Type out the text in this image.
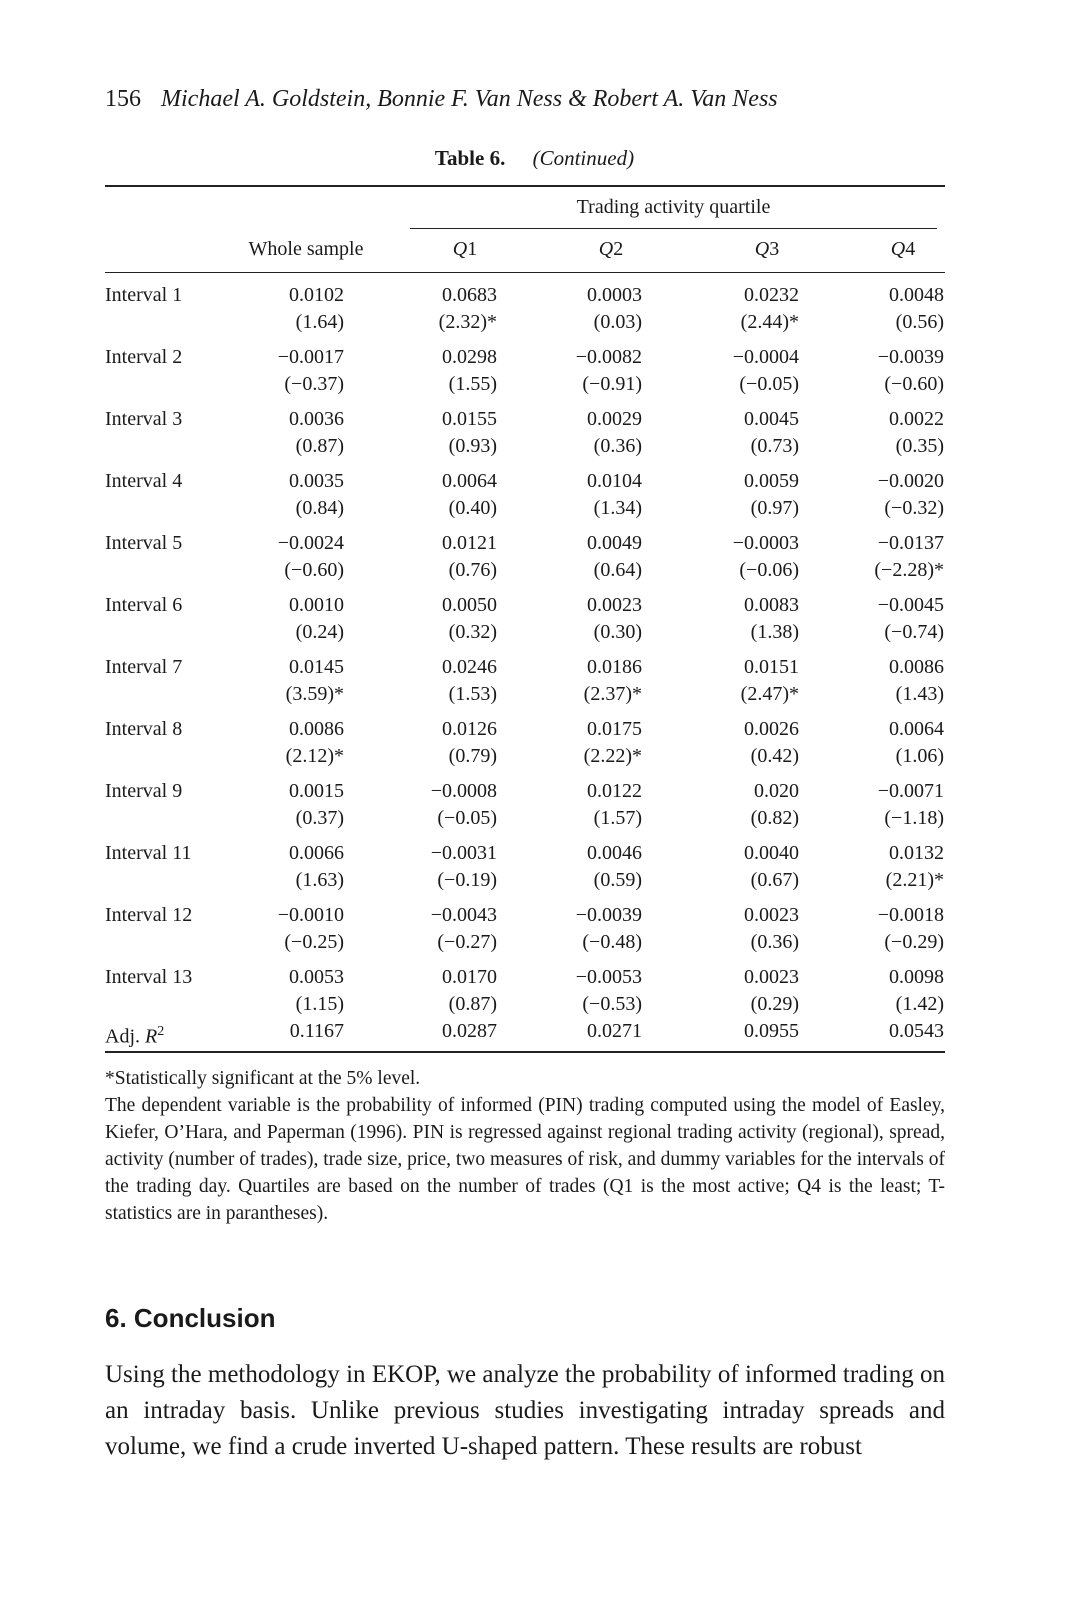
156 Michael A. Goldstein, Bonnie F. Van Ness & Robert A. Van Ness
Table 6. (Continued)
Trading activity quartile
Whole sample	Q1	Q2	Q3	Q4
Interval 1	0.0102	0.0683	0.0003	0.0232	0.0048
(1.64)	(2.32)*	(0.03)	(2.44)*	(0.56)
Interval 2	−0.0017	0.0298	−0.0082	−0.0004	−0.0039
(−0.37)	(1.55)	(−0.91)	(−0.05)	(−0.60)
Interval 3	0.0036	0.0155	0.0029	0.0045	0.0022
(0.87)	(0.93)	(0.36)	(0.73)	(0.35)
Interval 4	0.0035	0.0064	0.0104	0.0059	−0.0020
(0.84)	(0.40)	(1.34)	(0.97)	(−0.32)
Interval 5	−0.0024	0.0121	0.0049	−0.0003	−0.0137
(−0.60)	(0.76)	(0.64)	(−0.06)	(−2.28)*
Interval 6	0.0010	0.0050	0.0023	0.0083	−0.0045
(0.24)	(0.32)	(0.30)	(1.38)	(−0.74)
Interval 7	0.0145	0.0246	0.0186	0.0151	0.0086
(3.59)*	(1.53)	(2.37)*	(2.47)*	(1.43)
Interval 8	0.0086	0.0126	0.0175	0.0026	0.0064
(2.12)*	(0.79)	(2.22)*	(0.42)	(1.06)
Interval 9	0.0015	−0.0008	0.0122	0.020	−0.0071
(0.37)	(−0.05)	(1.57)	(0.82)	(−1.18)
Interval 11	0.0066	−0.0031	0.0046	0.0040	0.0132
(1.63)	(−0.19)	(0.59)	(0.67)	(2.21)*
Interval 12	−0.0010	−0.0043	−0.0039	0.0023	−0.0018
(−0.25)	(−0.27)	(−0.48)	(0.36)	(−0.29)
Interval 13	0.0053	0.0170	−0.0053	0.0023	0.0098
(1.15)	(0.87)	(−0.53)	(0.29)	(1.42)
Adj. $R^2$	0.1167	0.0287	0.0271	0.0955	0.0543

*Statistically significant at the 5% level.

The dependent variable is the probability of informed (PIN) trading computed using the model of Easley, Kiefer, O’Hara, and Paperman (1996). PIN is regressed against regional trading activity (regional), spread, activity (number of trades), trade size, price, two measures of risk, and dummy variables for the intervals of the trading day. Quartiles are based on the number of trades (Q1 is the most active; Q4 is the least; T-statistics are in parantheses).

6. Conclusion
Using the methodology in EKOP, we analyze the probability of informed trading on an intraday basis. Unlike previous studies investigating intraday spreads and volume, we find a crude inverted U-shaped pattern. These results are robust
